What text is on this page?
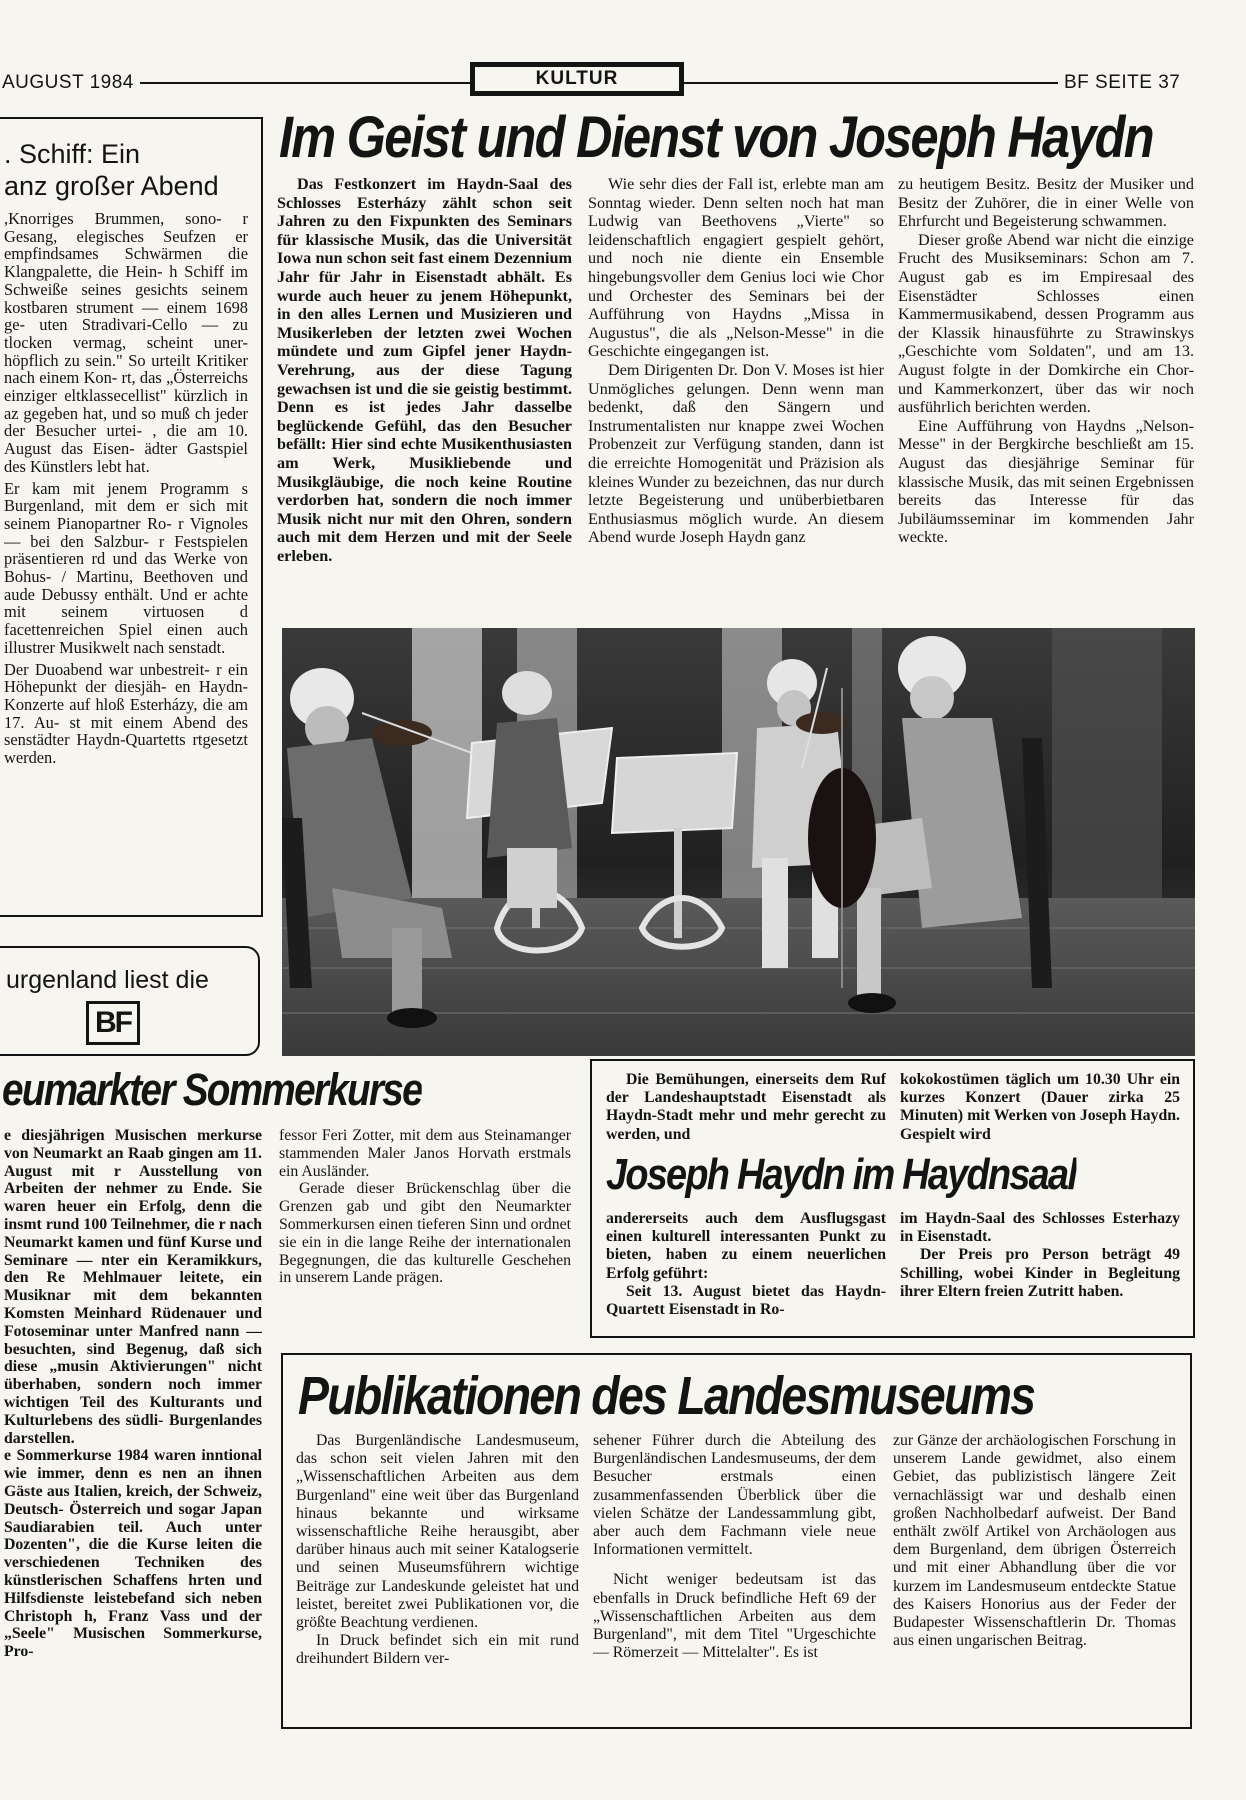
AUGUST 1984	KULTUR	BF SEITE 37
. Schiff: Ein
anz großer Abend

,Knorriges Brummen, sono- r Gesang, elegisches Seufzen er empfindsames Schwärmen die Klangpalette, die Hein- h Schiff im Schweiße seines gesichts seinem kostbaren strument — einem 1698 ge- uten Stradivari-Cello — zu tlocken vermag, scheint uner- höpflich zu sein." So urteilt Kritiker nach einem Kon- rt, das „Österreichs einziger eltklassecellist" kürzlich in az gegeben hat, und so muß ch jeder der Besucher urtei- , die am 10. August das Eisen- ädter Gastspiel des Künstlers lebt hat.

Er kam mit jenem Programm s Burgenland, mit dem er sich mit seinem Pianopartner Ro- r Vignoles — bei den Salzbur- r Festspielen präsentieren rd und das Werke von Bohus- / Martinu, Beethoven und aude Debussy enthält. Und er achte mit seinem virtuosen d facettenreichen Spiel einen auch illustrer Musikwelt nach senstadt.

Der Duoabend war unbestreit- r ein Höhepunkt der diesjäh- en Haydn-Konzerte auf hloß Esterházy, die am 17. Au- st mit einem Abend des senstädter Haydn-Quartetts rtgesetzt werden.

urgenland liest die
BF
Im Geist und Dienst von Joseph Haydn

Das Festkonzert im Haydn-Saal des Schlosses Esterházy zählt schon seit Jahren zu den Fixpunkten des Seminars für klassische Musik, das die Universität Iowa nun schon seit fast einem Dezennium Jahr für Jahr in Eisenstadt abhält. Es wurde auch heuer zu jenem Höhepunkt, in den alles Lernen und Musizieren und Musikerleben der letzten zwei Wochen mündete und zum Gipfel jener Haydn-Verehrung, aus der diese Tagung gewachsen ist und die sie geistig bestimmt. Denn es ist jedes Jahr dasselbe beglückende Gefühl, das den Besucher befällt: Hier sind echte Musikenthusiasten am Werk, Musikliebende und Musikgläubige, die noch keine Routine verdorben hat, sondern die noch immer Musik nicht nur mit den Ohren, sondern auch mit dem Herzen und mit der Seele erleben.

Wie sehr dies der Fall ist, erlebte man am Sonntag wieder. Denn selten noch hat man Ludwig van Beethovens „Vierte" so leidenschaftlich engagiert gespielt gehört, und noch nie diente ein Ensemble hingebungsvoller dem Genius loci wie Chor und Orchester des Seminars bei der Aufführung von Haydns „Missa in Augustus", die als „Nelson-Messe" in die Geschichte eingegangen ist.

Dem Dirigenten Dr. Don V. Moses ist hier Unmögliches gelungen. Denn wenn man bedenkt, daß den Sängern und Instrumentalisten nur knappe zwei Wochen Probenzeit zur Verfügung standen, dann ist die erreichte Homogenität und Präzision als kleines Wunder zu bezeichnen, das nur durch letzte Begeisterung und unüberbietbaren Enthusiasmus möglich wurde. An diesem Abend wurde Joseph Haydn ganz

zu heutigem Besitz. Besitz der Musiker und Besitz der Zuhörer, die in einer Welle von Ehrfurcht und Begeisterung schwammen.

Dieser große Abend war nicht die einzige Frucht des Musikseminars: Schon am 7. August gab es im Empiresaal des Eisenstädter Schlosses einen Kammermusikabend, dessen Programm aus der Klassik hinausführte zu Strawinskys „Geschichte vom Soldaten", und am 13. August folgte in der Domkirche ein Chor- und Kammerkonzert, über das wir noch ausführlich berichten werden.

Eine Aufführung von Haydns „Nelson-Messe" in der Bergkirche beschließt am 15. August das diesjährige Seminar für klassische Musik, das mit seinen Ergebnissen bereits das Interesse für das Jubiläumsseminar im kommenden Jahr weckte.

eumarkter Sommerkurse

e diesjährigen Musischen merkurse von Neumarkt an Raab gingen am 11. August mit r Ausstellung von Arbeiten der nehmer zu Ende. Sie waren heuer ein Erfolg, denn die insmt rund 100 Teilnehmer, die r nach Neumarkt kamen und fünf Kurse und Seminare — nter ein Keramikkurs, den Re Mehlmauer leitete, ein Musiknar mit dem bekannten Komsten Meinhard Rüdenauer und Fotoseminar unter Manfred nann — besuchten, sind Begenug, daß sich diese „musin Aktivierungen" nicht überhaben, sondern noch immer wichtigen Teil des Kulturants und Kulturlebens des südli- Burgenlandes darstellen.

e Sommerkurse 1984 waren inntional wie immer, denn es nen an ihnen Gäste aus Italien, kreich, der Schweiz, Deutsch- Österreich und sogar Japan Saudiarabien teil. Auch unter Dozenten", die die Kurse leiten die verschiedenen Techniken des künstlerischen Schaffens hrten und Hilfsdienste leistebefand sich neben Christoph h, Franz Vass und der „Seele" Musischen Sommerkurse, Pro-

fessor Feri Zotter, mit dem aus Steinamanger stammenden Maler Janos Horvath erstmals ein Ausländer.

Gerade dieser Brückenschlag über die Grenzen gab und gibt den Neumarkter Sommerkursen einen tieferen Sinn und ordnet sie ein in die lange Reihe der internationalen Begegnungen, die das kulturelle Geschehen in unserem Lande prägen.

Die Bemühungen, einerseits dem Ruf der Landeshauptstadt Eisenstadt als Haydn-Stadt mehr und mehr gerecht zu werden, und

kokokostümen täglich um 10.30 Uhr ein kurzes Konzert (Dauer zirka 25 Minuten) mit Werken von Joseph Haydn. Gespielt wird

Joseph Haydn im Haydnsaal

andererseits auch dem Ausflugsgast einen kulturell interessanten Punkt zu bieten, haben zu einem neuerlichen Erfolg geführt:

Seit 13. August bietet das Haydn-Quartett Eisenstadt in Ro-

im Haydn-Saal des Schlosses Esterhazy in Eisenstadt.

Der Preis pro Person beträgt 49 Schilling, wobei Kinder in Begleitung ihrer Eltern freien Zutritt haben.

Publikationen des Landesmuseums

Das Burgenländische Landesmuseum, das schon seit vielen Jahren mit den „Wissenschaftlichen Arbeiten aus dem Burgenland" eine weit über das Burgenland hinaus bekannte und wirksame wissenschaftliche Reihe herausgibt, aber darüber hinaus auch mit seiner Katalogserie und seinen Museumsführern wichtige Beiträge zur Landeskunde geleistet hat und leistet, bereitet zwei Publikationen vor, die größte Beachtung verdienen.

In Druck befindet sich ein mit rund dreihundert Bildern ver-

sehener Führer durch die Abteilung des Burgenländischen Landesmuseums, der dem Besucher erstmals einen zusammenfassenden Überblick über die vielen Schätze der Landessammlung gibt, aber auch dem Fachmann viele neue Informationen vermittelt.

Nicht weniger bedeutsam ist das ebenfalls in Druck befindliche Heft 69 der „Wissenschaftlichen Arbeiten aus dem Burgenland", mit dem Titel "Urgeschichte — Römerzeit — Mittelalter". Es ist

zur Gänze der archäologischen Forschung in unserem Lande gewidmet, also einem Gebiet, das publizistisch längere Zeit vernachlässigt war und deshalb einen großen Nachholbedarf aufweist. Der Band enthält zwölf Artikel von Archäologen aus dem Burgenland, dem übrigen Österreich und mit einer Abhandlung über die vor kurzem im Landesmuseum entdeckte Statue des Kaisers Honorius aus der Feder der Budapester Wissenschaftlerin Dr. Thomas aus einen ungarischen Beitrag.
